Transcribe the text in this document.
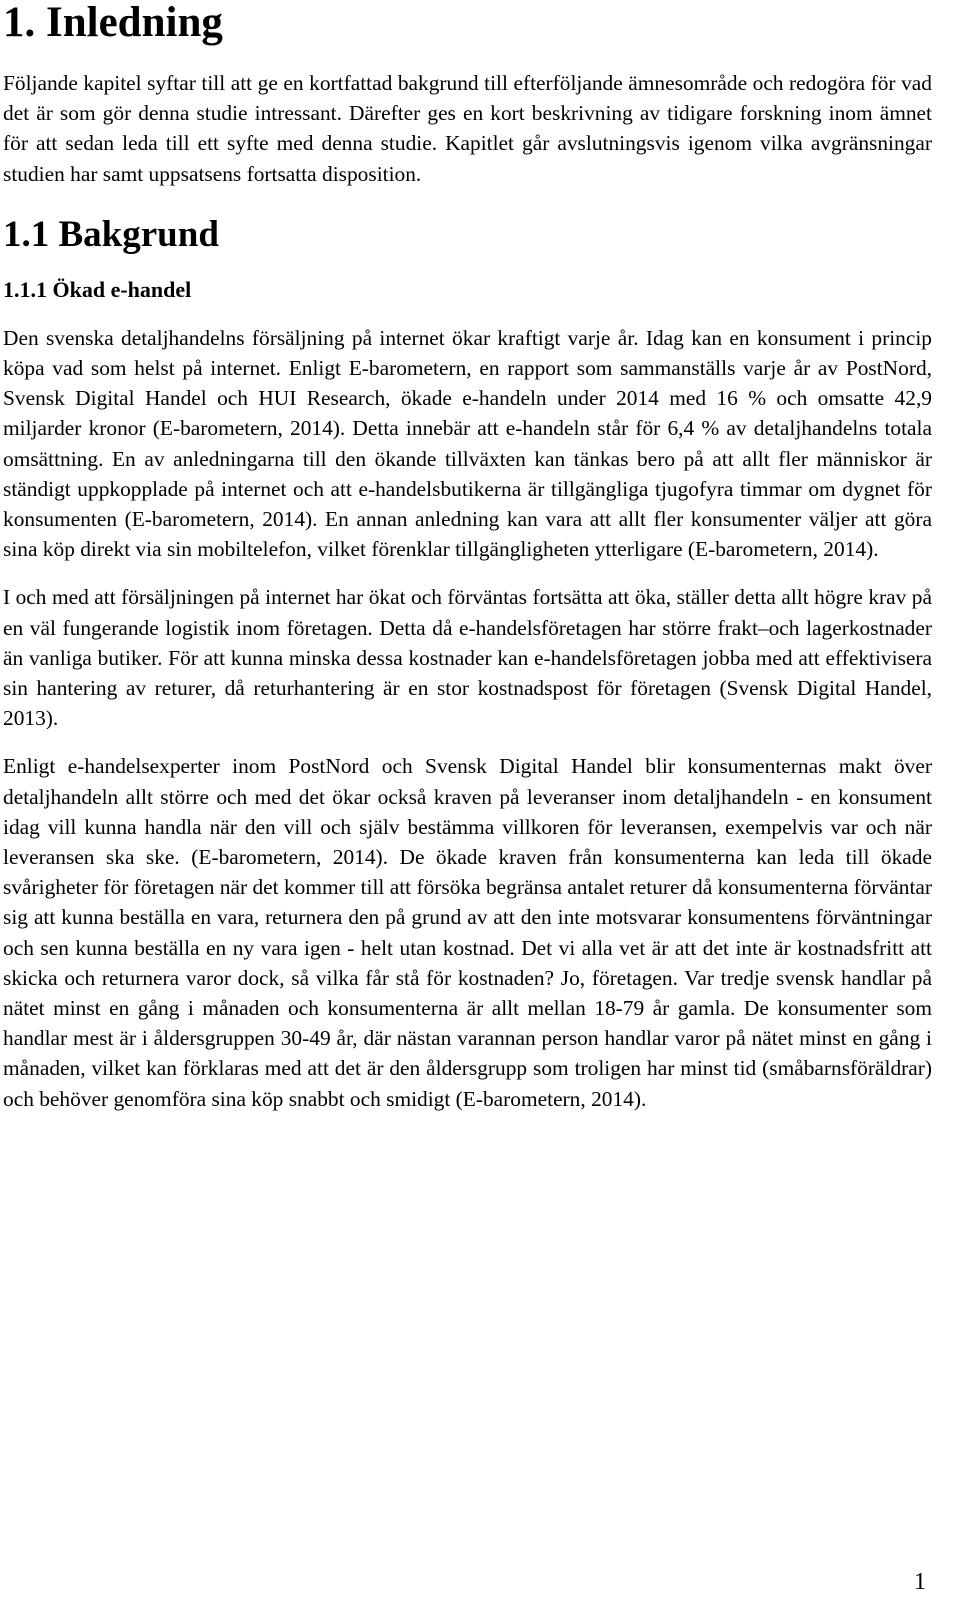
1. Inledning

Följande kapitel syftar till att ge en kortfattad bakgrund till efterföljande ämnesområde och redogöra för vad det är som gör denna studie intressant. Därefter ges en kort beskrivning av tidigare forskning inom ämnet för att sedan leda till ett syfte med denna studie. Kapitlet går avslutningsvis igenom vilka avgränsningar studien har samt uppsatsens fortsatta disposition.

1.1 Bakgrund
1.1.1 Ökad e-handel

Den svenska detaljhandelns försäljning på internet ökar kraftigt varje år. Idag kan en konsument i princip köpa vad som helst på internet. Enligt E-barometern, en rapport som sammanställs varje år av PostNord, Svensk Digital Handel och HUI Research, ökade e-handeln under 2014 med 16 % och omsatte 42,9 miljarder kronor (E-barometern, 2014). Detta innebär att e-handeln står för 6,4 % av detaljhandelns totala omsättning. En av anledningarna till den ökande tillväxten kan tänkas bero på att allt fler människor är ständigt uppkopplade på internet och att e-handelsbutikerna är tillgängliga tjugofyra timmar om dygnet för konsumenten (E-barometern, 2014). En annan anledning kan vara att allt fler konsumenter väljer att göra sina köp direkt via sin mobiltelefon, vilket förenklar tillgängligheten ytterligare (E-barometern, 2014).

I och med att försäljningen på internet har ökat och förväntas fortsätta att öka, ställer detta allt högre krav på en väl fungerande logistik inom företagen. Detta då e-handelsföretagen har större frakt–och lagerkostnader än vanliga butiker. För att kunna minska dessa kostnader kan e-handelsföretagen jobba med att effektivisera sin hantering av returer, då returhantering är en stor kostnadspost för företagen (Svensk Digital Handel, 2013).

Enligt e-handelsexperter inom PostNord och Svensk Digital Handel blir konsumenternas makt över detaljhandeln allt större och med det ökar också kraven på leveranser inom detaljhandeln - en konsument idag vill kunna handla när den vill och själv bestämma villkoren för leveransen, exempelvis var och när leveransen ska ske. (E-barometern, 2014). De ökade kraven från konsumenterna kan leda till ökade svårigheter för företagen när det kommer till att försöka begränsa antalet returer då konsumenterna förväntar sig att kunna beställa en vara, returnera den på grund av att den inte motsvarar konsumentens förväntningar och sen kunna beställa en ny vara igen - helt utan kostnad. Det vi alla vet är att det inte är kostnadsfritt att skicka och returnera varor dock, så vilka får stå för kostnaden? Jo, företagen. Var tredje svensk handlar på nätet minst en gång i månaden och konsumenterna är allt mellan 18-79 år gamla. De konsumenter som handlar mest är i åldersgruppen 30-49 år, där nästan varannan person handlar varor på nätet minst en gång i månaden, vilket kan förklaras med att det är den åldersgrupp som troligen har minst tid (småbarnsföräldrar) och behöver genomföra sina köp snabbt och smidigt (E-barometern, 2014).

1
